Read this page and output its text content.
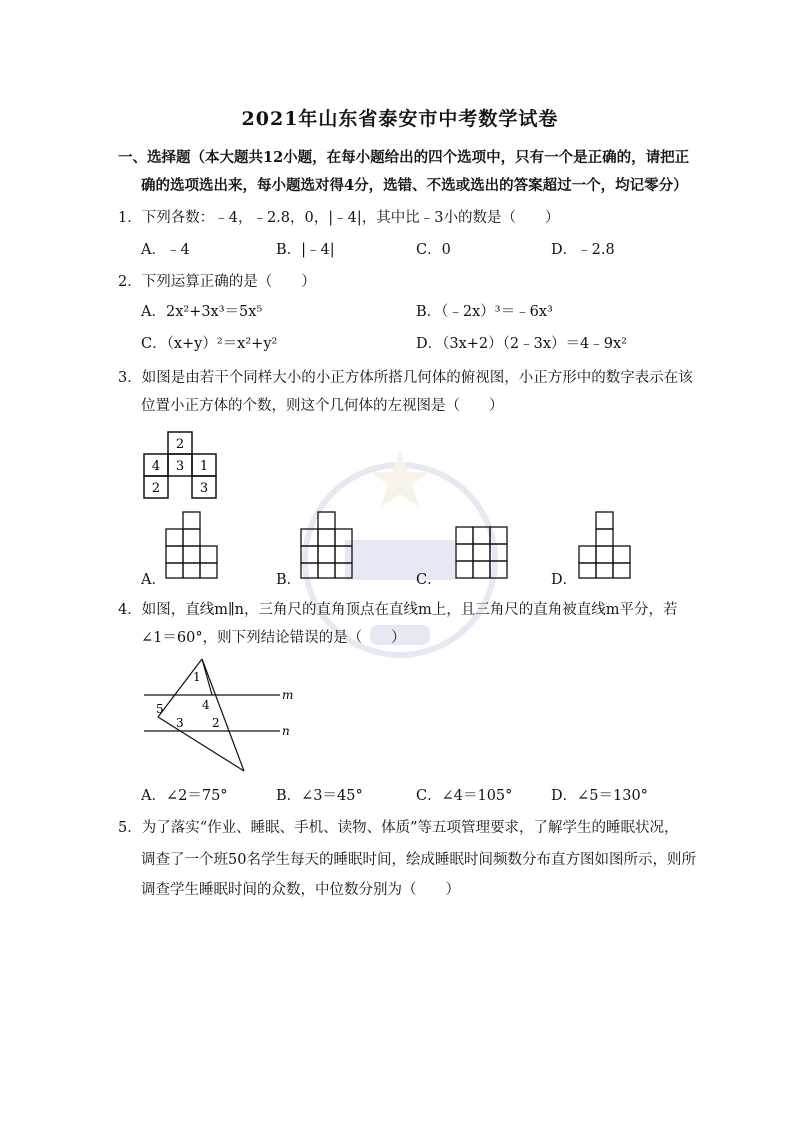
2021年山东省泰安市中考数学试卷
一、选择题（本大题共12小题，在每小题给出的四个选项中，只有一个是正确的，请把正
确的选项选出来，每小题选对得4分，选错、不选或选出的答案超过一个，均记零分）
1．下列各数：﹣4，﹣2.8，0，|﹣4|，其中比﹣3小的数是（　　）
A．﹣4	B．|﹣4|	C．0	D．﹣2.8
2．下列运算正确的是（　　）
A．2x²+3x³＝5x⁵	B．（﹣2x）³＝﹣6x³
C．（x+y）²＝x²+y²	D．（3x+2）（2﹣3x）＝4﹣9x²
3．如图是由若干个同样大小的小正方体所搭几何体的俯视图，小正方形中的数字表示在该
位置小正方体的个数，则这个几何体的左视图是（　　）
2
4 3 1
2	3
A．	B．	C．	D．
4．如图，直线m∥n，三角尺的直角顶点在直线m上，且三角尺的直角被直线m平分，若
∠1＝60°，则下列结论错误的是（　　）
1
4
5
3 2
m
n
A．∠2＝75°	B．∠3＝45°	C．∠4＝105°	D．∠5＝130°
5．为了落实“作业、睡眠、手机、读物、体质”等五项管理要求，了解学生的睡眠状况，
调查了一个班50名学生每天的睡眠时间，绘成睡眠时间频数分布直方图如图所示，则所
调查学生睡眠时间的众数，中位数分别为（　　）
